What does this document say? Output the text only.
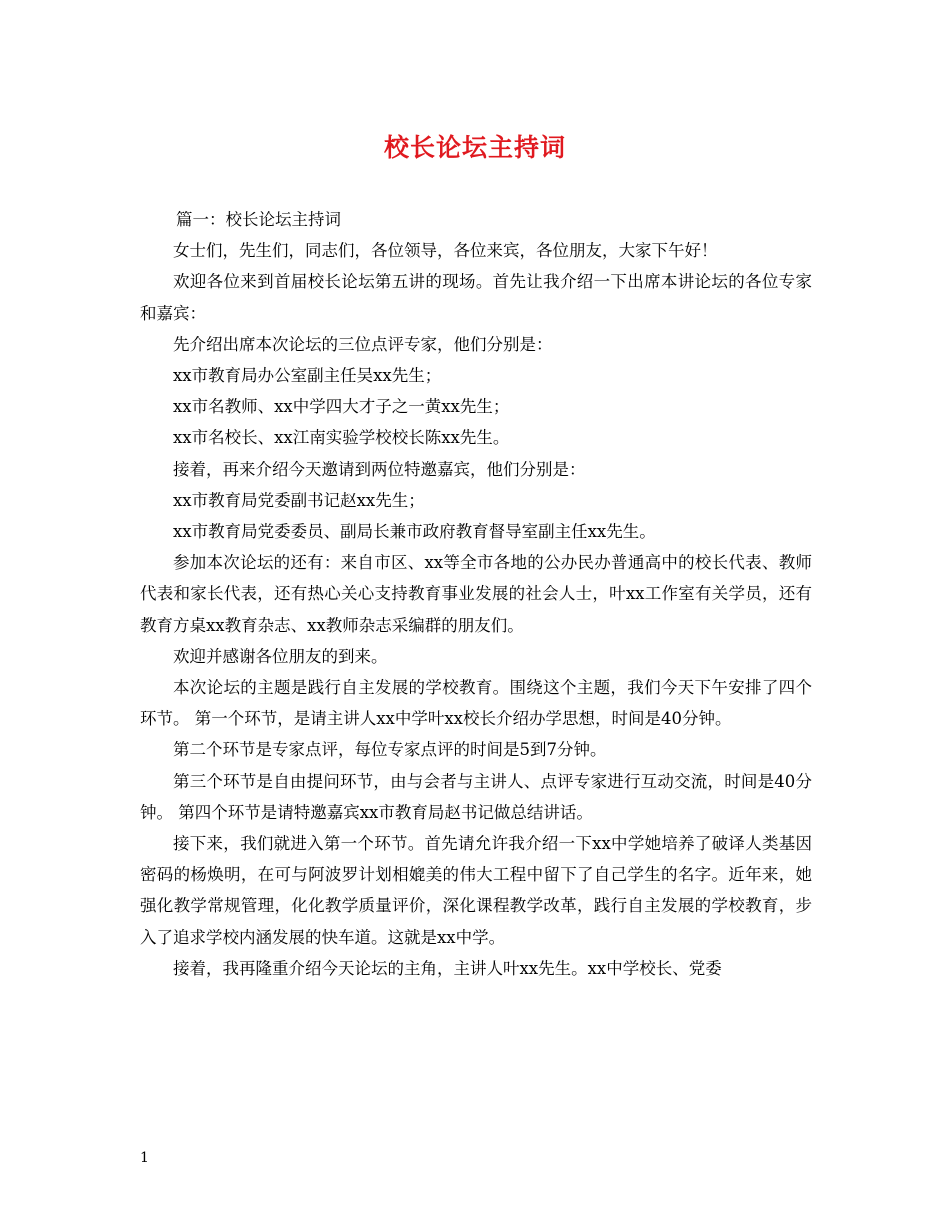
校长论坛主持词

篇一：校长论坛主持词

女士们，先生们，同志们，各位领导，各位来宾，各位朋友，大家下午好！

欢迎各位来到首届校长论坛第五讲的现场。首先让我介绍一下出席本讲论坛的各位专家和嘉宾：

先介绍出席本次论坛的三位点评专家，他们分别是：

xx市教育局办公室副主任吴xx先生；

xx市名教师、xx中学四大才子之一黄xx先生；

xx市名校长、xx江南实验学校校长陈xx先生。

接着，再来介绍今天邀请到两位特邀嘉宾，他们分别是：

xx市教育局党委副书记赵xx先生；

xx市教育局党委委员、副局长兼市政府教育督导室副主任xx先生。

参加本次论坛的还有：来自市区、xx等全市各地的公办民办普通高中的校长代表、教师代表和家长代表，还有热心关心支持教育事业发展的社会人士，叶xx工作室有关学员，还有教育方桌xx教育杂志、xx教师杂志采编群的朋友们。

欢迎并感谢各位朋友的到来。

本次论坛的主题是践行自主发展的学校教育。围绕这个主题，我们今天下午安排了四个环节。 第一个环节，是请主讲人xx中学叶xx校长介绍办学思想，时间是40分钟。

第二个环节是专家点评，每位专家点评的时间是5到7分钟。

第三个环节是自由提问环节，由与会者与主讲人、点评专家进行互动交流，时间是40分钟。 第四个环节是请特邀嘉宾xx市教育局赵书记做总结讲话。

接下来，我们就进入第一个环节。首先请允许我介绍一下xx中学她培养了破译人类基因密码的杨焕明，在可与阿波罗计划相媲美的伟大工程中留下了自己学生的名字。近年来，她强化教学常规管理，化化教学质量评价，深化课程教学改革，践行自主发展的学校教育，步入了追求学校内涵发展的快车道。这就是xx中学。

接着，我再隆重介绍今天论坛的主角，主讲人叶xx先生。xx中学校长、党委

1
